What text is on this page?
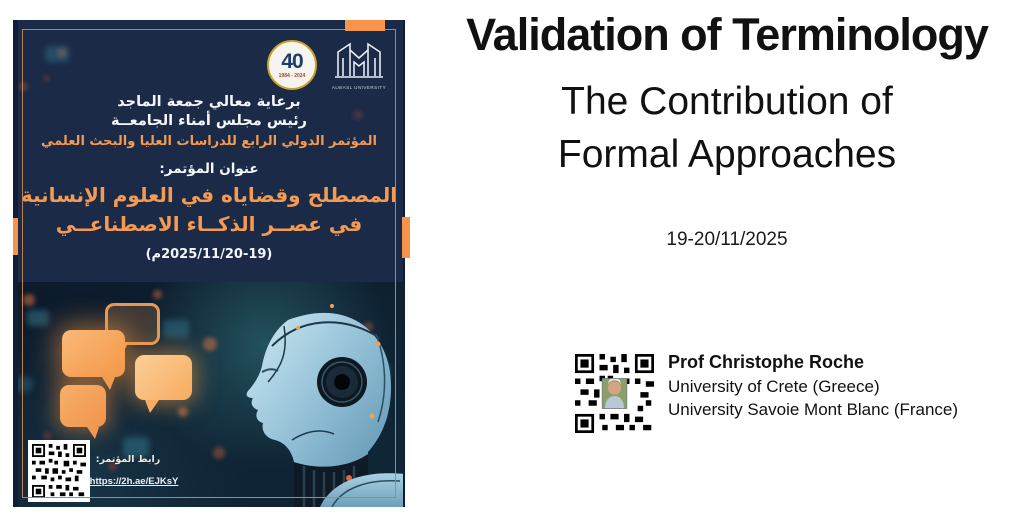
40
1984 - 2024
ALWASL UNIVERSITY
برعاية معالي جمعة الماجد
رئيس مجلس أمناء الجامعــة
المؤتمر الدولي الرابع للدراسات العليا والبحث العلمي
عنوان المؤتمر:
المصطلح وقضاياه في العلوم الإنسانية
في عصــر الذكــاء الاصطناعــي
(م2025/11/20-19)
رابط المؤتمر:
https://2h.ae/EJKsY
Validation of Terminology
The Contribution of
Formal Approaches
19-20/11/2025
Prof Christophe Roche
University of Crete (Greece)
University Savoie Mont Blanc (France)
